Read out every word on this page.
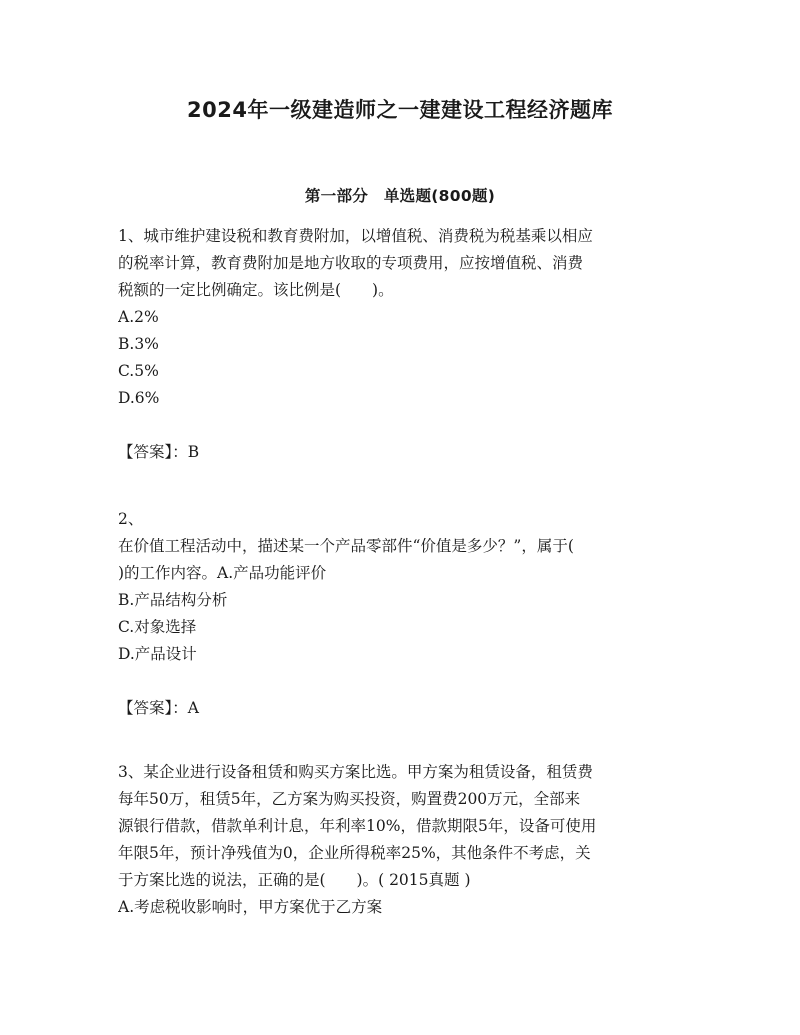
2024年一级建造师之一建建设工程经济题库
第一部分　单选题(800题)
1、城市维护建设税和教育费附加，以增值税、消费税为税基乘以相应
的税率计算，教育费附加是地方收取的专项费用，应按增值税、消费
税额的一定比例确定。该比例是(　　)。
A.2%
B.3%
C.5%
D.6%
【答案】：B
2、
在价值工程活动中，描述某一个产品零部件“价值是多少？”，属于(
)的工作内容。A.产品功能评价
B.产品结构分析
C.对象选择
D.产品设计
【答案】：A
3、某企业进行设备租赁和购买方案比选。甲方案为租赁设备，租赁费
每年50万，租赁5年，乙方案为购买投资，购置费200万元，全部来
源银行借款，借款单利计息，年利率10%，借款期限5年，设备可使用
年限5年，预计净残值为0，企业所得税率25%，其他条件不考虑，关
于方案比选的说法，正确的是(　　)。( 2015真题 )
A.考虑税收影响时，甲方案优于乙方案
